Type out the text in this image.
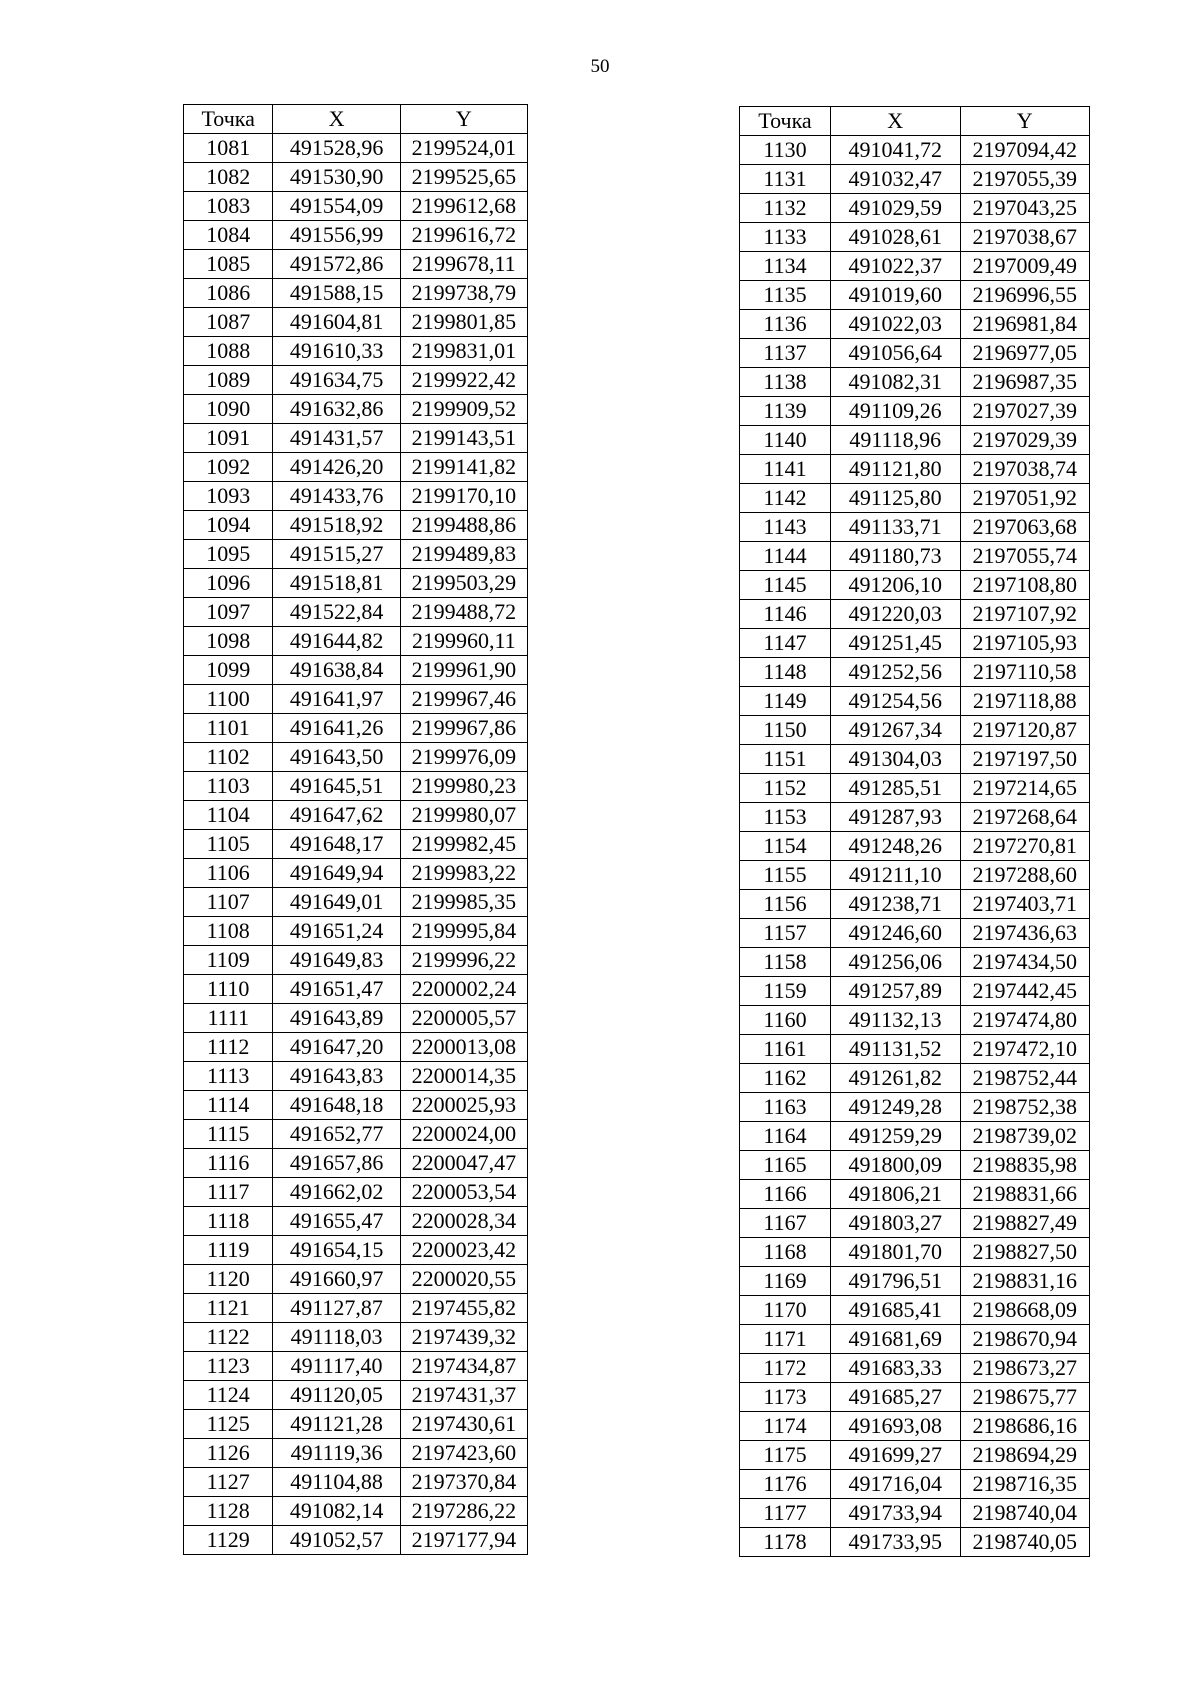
50
Точка	X	Y
1081	491528,96	2199524,01
1082	491530,90	2199525,65
1083	491554,09	2199612,68
1084	491556,99	2199616,72
1085	491572,86	2199678,11
1086	491588,15	2199738,79
1087	491604,81	2199801,85
1088	491610,33	2199831,01
1089	491634,75	2199922,42
1090	491632,86	2199909,52
1091	491431,57	2199143,51
1092	491426,20	2199141,82
1093	491433,76	2199170,10
1094	491518,92	2199488,86
1095	491515,27	2199489,83
1096	491518,81	2199503,29
1097	491522,84	2199488,72
1098	491644,82	2199960,11
1099	491638,84	2199961,90
1100	491641,97	2199967,46
1101	491641,26	2199967,86
1102	491643,50	2199976,09
1103	491645,51	2199980,23
1104	491647,62	2199980,07
1105	491648,17	2199982,45
1106	491649,94	2199983,22
1107	491649,01	2199985,35
1108	491651,24	2199995,84
1109	491649,83	2199996,22
1110	491651,47	2200002,24
1111	491643,89	2200005,57
1112	491647,20	2200013,08
1113	491643,83	2200014,35
1114	491648,18	2200025,93
1115	491652,77	2200024,00
1116	491657,86	2200047,47
1117	491662,02	2200053,54
1118	491655,47	2200028,34
1119	491654,15	2200023,42
1120	491660,97	2200020,55
1121	491127,87	2197455,82
1122	491118,03	2197439,32
1123	491117,40	2197434,87
1124	491120,05	2197431,37
1125	491121,28	2197430,61
1126	491119,36	2197423,60
1127	491104,88	2197370,84
1128	491082,14	2197286,22
1129	491052,57	2197177,94
Точка	X	Y
1130	491041,72	2197094,42
1131	491032,47	2197055,39
1132	491029,59	2197043,25
1133	491028,61	2197038,67
1134	491022,37	2197009,49
1135	491019,60	2196996,55
1136	491022,03	2196981,84
1137	491056,64	2196977,05
1138	491082,31	2196987,35
1139	491109,26	2197027,39
1140	491118,96	2197029,39
1141	491121,80	2197038,74
1142	491125,80	2197051,92
1143	491133,71	2197063,68
1144	491180,73	2197055,74
1145	491206,10	2197108,80
1146	491220,03	2197107,92
1147	491251,45	2197105,93
1148	491252,56	2197110,58
1149	491254,56	2197118,88
1150	491267,34	2197120,87
1151	491304,03	2197197,50
1152	491285,51	2197214,65
1153	491287,93	2197268,64
1154	491248,26	2197270,81
1155	491211,10	2197288,60
1156	491238,71	2197403,71
1157	491246,60	2197436,63
1158	491256,06	2197434,50
1159	491257,89	2197442,45
1160	491132,13	2197474,80
1161	491131,52	2197472,10
1162	491261,82	2198752,44
1163	491249,28	2198752,38
1164	491259,29	2198739,02
1165	491800,09	2198835,98
1166	491806,21	2198831,66
1167	491803,27	2198827,49
1168	491801,70	2198827,50
1169	491796,51	2198831,16
1170	491685,41	2198668,09
1171	491681,69	2198670,94
1172	491683,33	2198673,27
1173	491685,27	2198675,77
1174	491693,08	2198686,16
1175	491699,27	2198694,29
1176	491716,04	2198716,35
1177	491733,94	2198740,04
1178	491733,95	2198740,05
